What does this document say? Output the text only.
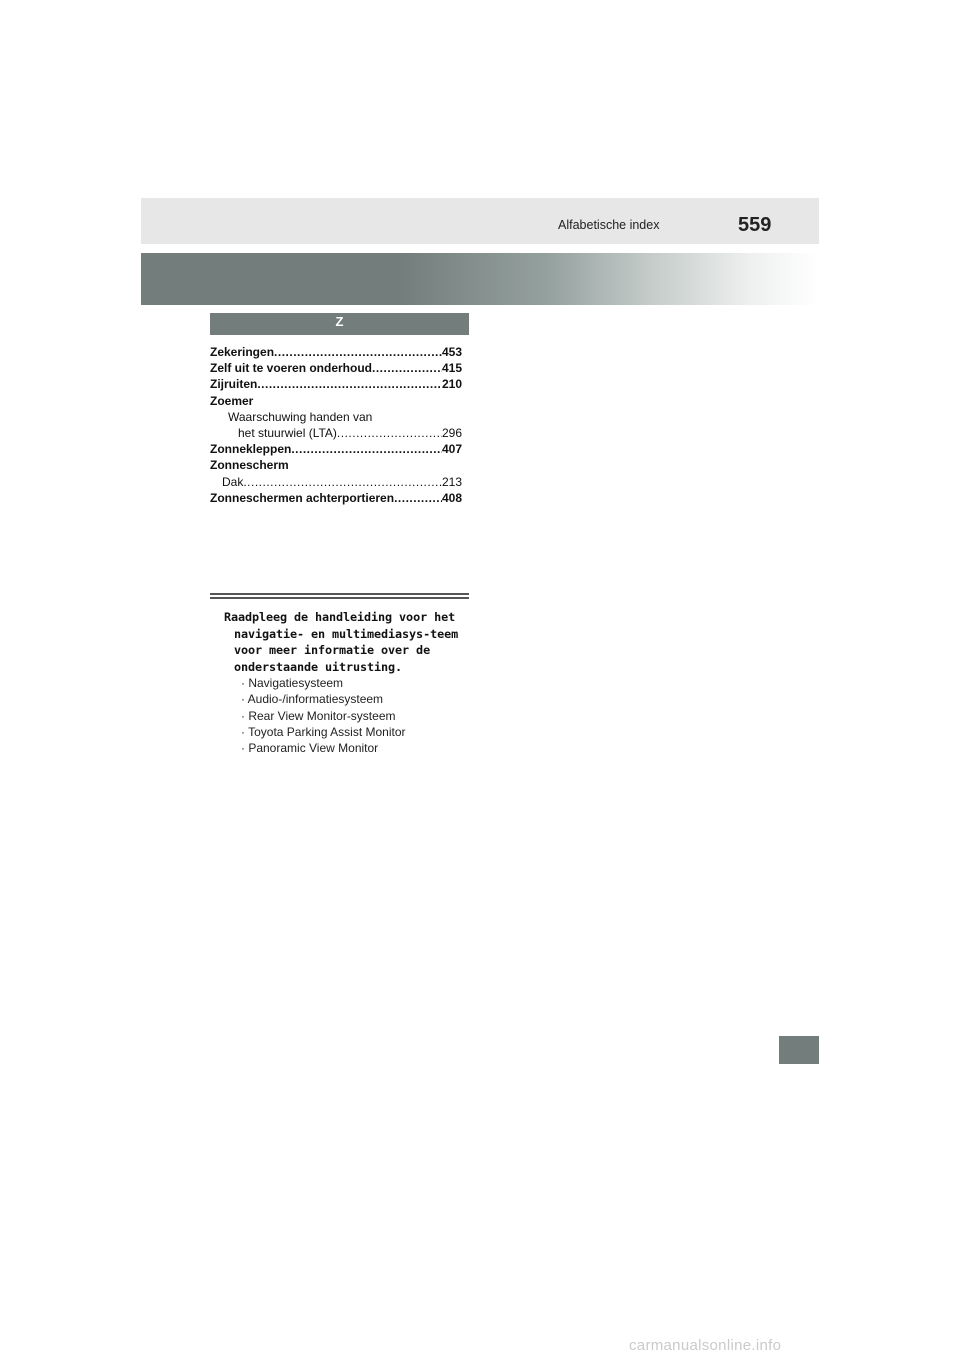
Alfabetische index	559
Z
Zekeringen .....	453
Zelf uit te voeren onderhoud .....	415
Zijruiten .....	210
Zoemer
Waarschuwing handen van
het stuurwiel (LTA) .....	296
Zonnekleppen .....	407
Zonnescherm
Dak .....	213
Zonneschermen achterportieren .....	408
Raadpleeg de handleiding voor het navigatie- en multimediasys-teem voor meer informatie over de onderstaande uitrusting.
· Navigatiesysteem
· Audio-/informatiesysteem
· Rear View Monitor-systeem
· Toyota Parking Assist Monitor
· Panoramic View Monitor
carmanualsonline.info
